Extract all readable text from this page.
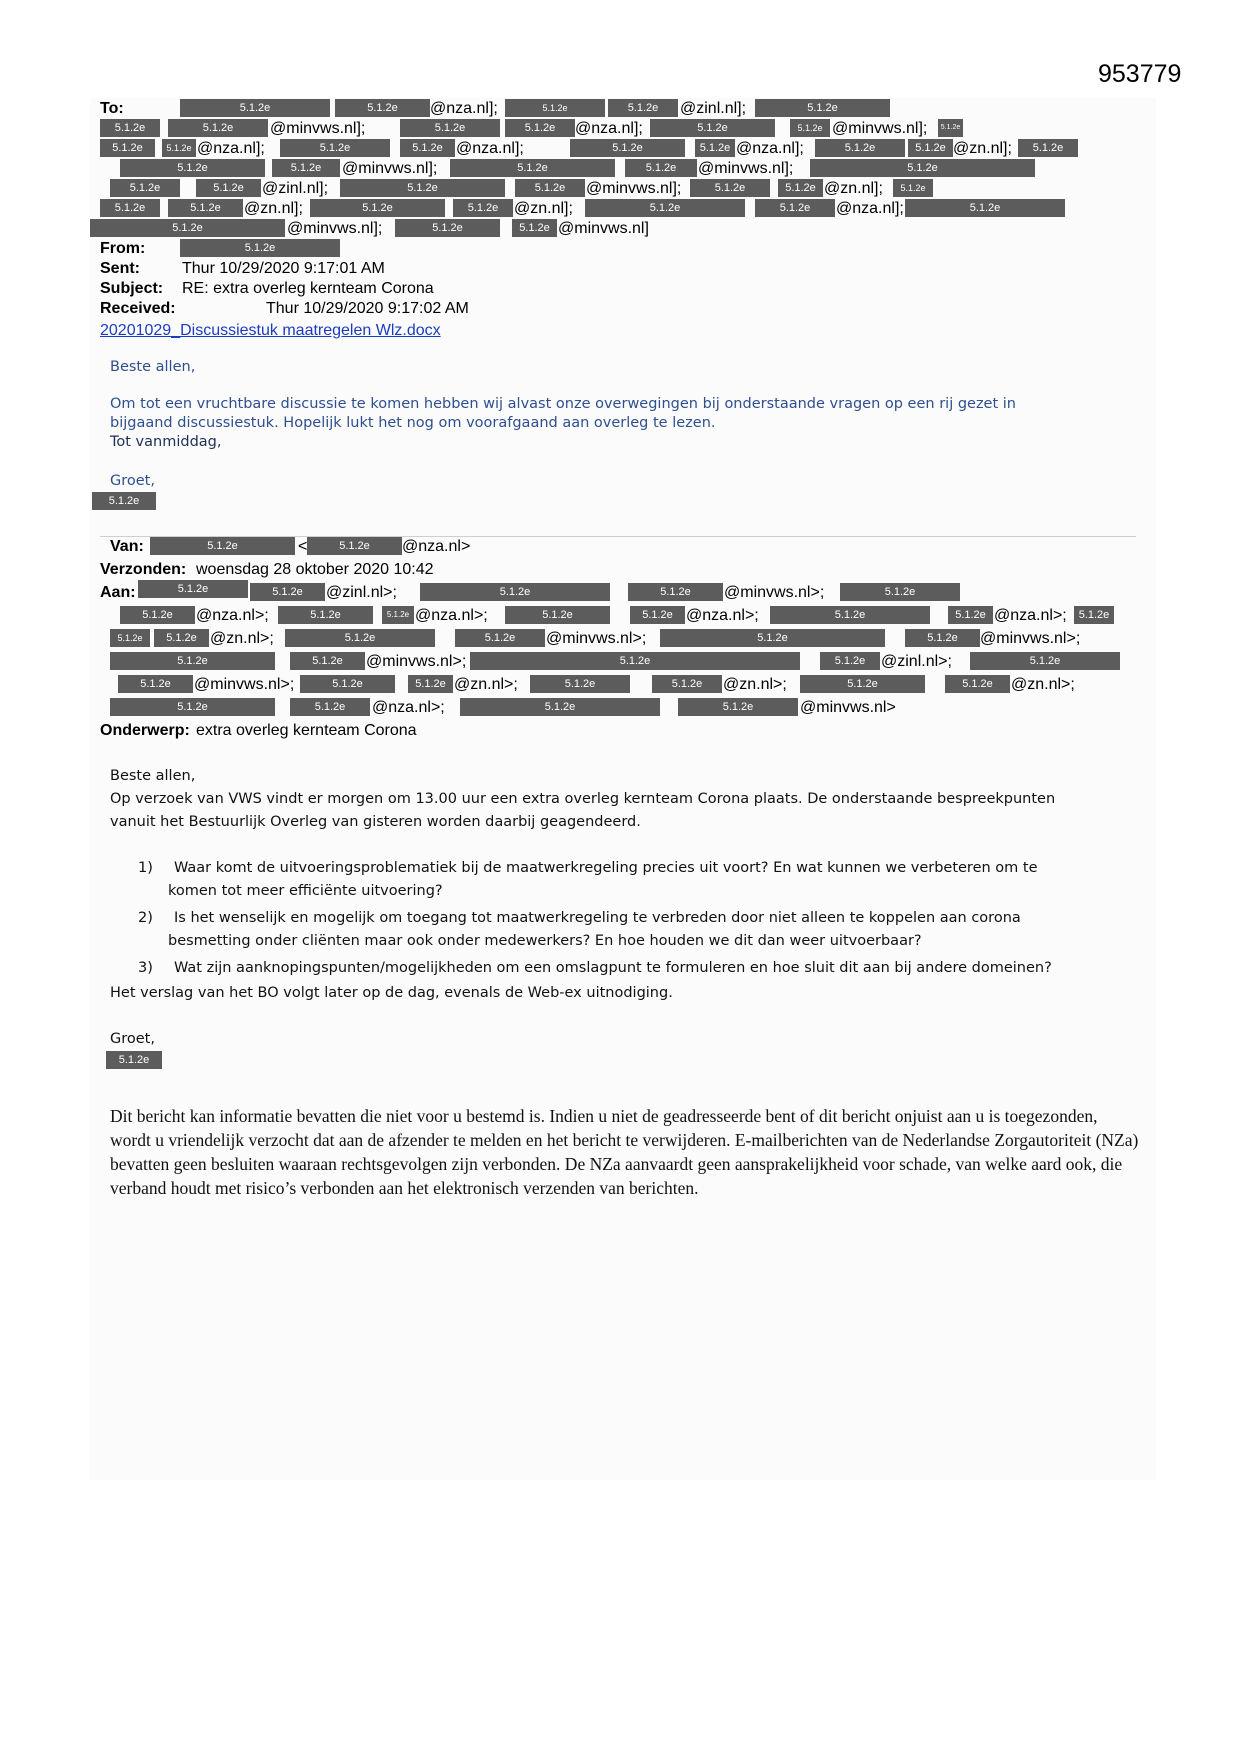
953779
To:	5.1.2e	5.1.2e	@nza.nl];	5.1.2e	5.1.2e	@zinl.nl];	5.1.2e
5.1.2e	5.1.2e	@minvws.nl];	5.1.2e	5.1.2e	@nza.nl];	5.1.2e	5.1.2e @minvws.nl];	5.1.2e
5.1.2e	5.1.2e @nza.nl];	5.1.2e	5.1.2e @nza.nl];	5.1.2e	5.1.2e @nza.nl];	5.1.2e	5.1.2e @zn.nl];	5.1.2e
5.1.2e	5.1.2e	@minvws.nl];	5.1.2e	5.1.2e	@minvws.nl];	5.1.2e
5.1.2e	5.1.2e	@zinl.nl];	5.1.2e	5.1.2e	@minvws.nl];	5.1.2e	5.1.2e @zn.nl];	5.1.2e
5.1.2e	5.1.2e	@zn.nl];	5.1.2e	5.1.2e @zn.nl];	5.1.2e	5.1.2e	@nza.nl];	5.1.2e
5.1.2e	@minvws.nl];	5.1.2e	5.1.2e @minvws.nl]
From:	5.1.2e
Sent:	Thur 10/29/2020 9:17:01 AM
Subject: RE: extra overleg kernteam Corona
Received:	Thur 10/29/2020 9:17:02 AM
20201029_Discussiestuk maatregelen Wlz.docx
Beste allen,
Om tot een vruchtbare discussie te komen hebben wij alvast onze overwegingen bij onderstaande vragen op een rij gezet in
bijgaand discussiestuk. Hopelijk lukt het nog om voorafgaand aan overleg te lezen.
Tot vanmiddag,
Groet,
5.1.2e
Van:	5.1.2e	<	5.1.2e	@nza.nl>
Verzonden: woensdag 28 oktober 2020 10:42
Aan:	5.1.2e	5.1.2e	@zinl.nl>;	5.1.2e	5.1.2e	@minvws.nl>;	5.1.2e
5.1.2e	@nza.nl>;	5.1.2e	5.1.2e @nza.nl>;	5.1.2e	5.1.2e @nza.nl>;	5.1.2e	5.1.2e @nza.nl>;	5.1.2e
5.1.2e	5.1.2e @zn.nl>;	5.1.2e	5.1.2e	@minvws.nl>;	5.1.2e	5.1.2e	@minvws.nl>;
5.1.2e	5.1.2e	@minvws.nl>;	5.1.2e	5.1.2e @zinl.nl>;	5.1.2e
5.1.2e	@minvws.nl>;	5.1.2e	5.1.2e @zn.nl>;	5.1.2e	5.1.2e	@zn.nl>;	5.1.2e	5.1.2e	@zn.nl>;
5.1.2e	5.1.2e	@nza.nl>;	5.1.2e	5.1.2e	@minvws.nl>
Onderwerp: extra overleg kernteam Corona
Beste allen,
Op verzoek van VWS vindt er morgen om 13.00 uur een extra overleg kernteam Corona plaats. De onderstaande bespreekpunten
vanuit het Bestuurlijk Overleg van gisteren worden daarbij geagendeerd.
1) Waar komt de uitvoeringsproblematiek bij de maatwerkregeling precies uit voort? En wat kunnen we verbeteren om te
komen tot meer efficiënte uitvoering?
2) Is het wenselijk en mogelijk om toegang tot maatwerkregeling te verbreden door niet alleen te koppelen aan corona
besmetting onder cliënten maar ook onder medewerkers? En hoe houden we dit dan weer uitvoerbaar?
3) Wat zijn aanknopingspunten/mogelijkheden om een omslagpunt te formuleren en hoe sluit dit aan bij andere domeinen?
Het verslag van het BO volgt later op de dag, evenals de Web-ex uitnodiging.
Groet,
5.1.2e
Dit bericht kan informatie bevatten die niet voor u bestemd is. Indien u niet de geadresseerde bent of dit bericht onjuist aan u is toegezonden, wordt u vriendelijk verzocht dat aan de afzender te melden en het bericht te verwijderen. E-mailberichten van de Nederlandse Zorgautoriteit (NZa) bevatten geen besluiten waaraan rechtsgevolgen zijn verbonden. De NZa aanvaardt geen aansprakelijkheid voor schade, van welke aard ook, die verband houdt met risico’s verbonden aan het elektronisch verzenden van berichten.
